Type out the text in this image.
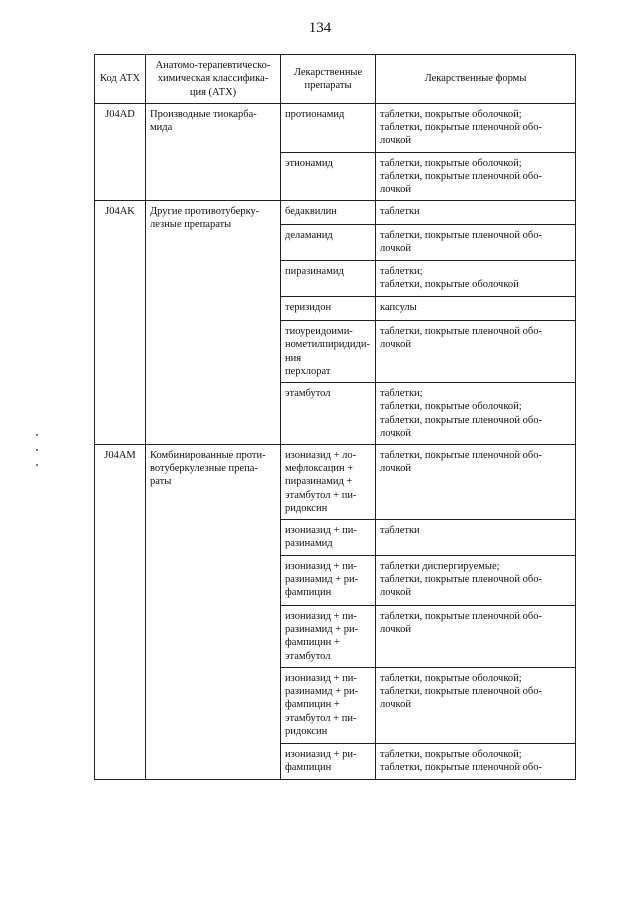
134
Код АТХ	Анатомо-терапевтическо-
химическая классифика-
ция (АТХ)	Лекарственные
препараты	Лекарственные формы
J04AD	Производные тиокарба-
мида	протионамид	таблетки, покрытые оболочкой;
таблетки, покрытые пленочной обо-
лочкой
		этионамид	таблетки, покрытые оболочкой;
таблетки, покрытые пленочной обо-
лочкой
J04AK	Другие противотуберку-
лезные препараты	бедаквилин	таблетки
		деламанид	таблетки, покрытые пленочной обо-
лочкой
		пиразинамид	таблетки;
таблетки, покрытые оболочкой
		теризидон	капсулы
		тиоуреидоими-
нометилпиридиди-
ния
перхлорат	таблетки, покрытые пленочной обо-
лочкой
		этамбутол	таблетки;
таблетки, покрытые оболочкой;
таблетки, покрытые пленочной обо-
лочкой
J04AM	Комбинированные проти-
вотуберкулезные препа-
раты	изониазид + ло-
мефлоксацин +
пиразинамид +
этамбутол + пи-
ридоксин	таблетки, покрытые пленочной обо-
лочкой
		изониазид + пи-
разинамид	таблетки
		изониазид + пи-
разинамид + ри-
фампицин	таблетки диспергируемые;
таблетки, покрытые пленочной обо-
лочкой
		изониазид + пи-
разинамид + ри-
фампицин +
этамбутол	таблетки, покрытые пленочной обо-
лочкой
		изониазид + пи-
разинамид + ри-
фампицин +
этамбутол + пи-
ридоксин	таблетки, покрытые оболочкой;
таблетки, покрытые пленочной обо-
лочкой
		изониазид + ри-
фампицин	таблетки, покрытые оболочкой;
таблетки, покрытые пленочной обо-
